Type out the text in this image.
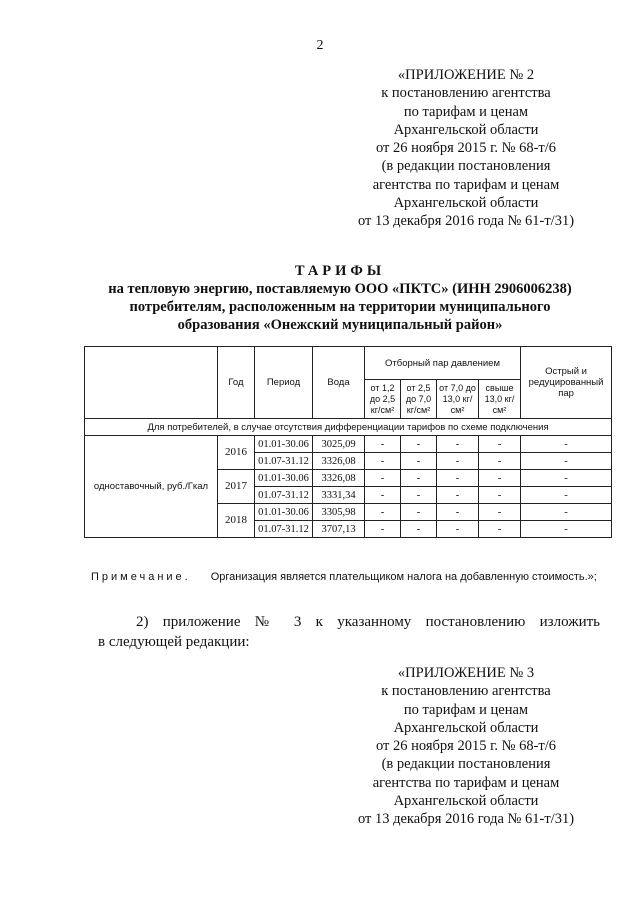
2
«ПРИЛОЖЕНИЕ № 2
к постановлению агентства
по тарифам и ценам
Архангельской области
от 26 ноября 2015 г. № 68-т/6
(в редакции постановления
агентства по тарифам и ценам
Архангельской области
от 13 декабря 2016 года № 61-т/31)
ТАРИФЫ
на тепловую энергию, поставляемую ООО «ПКТС» (ИНН 2906006238)
потребителям, расположенным на территории муниципального
образования «Онежский муниципальный район»
	Год	Период	Вода	Отборный пар давлением				Острый и редуцированный пар
				от 1,2 до 2,5 кг/см²	от 2,5 до 7,0 кг/см²	от 7,0 до 13,0 кг/см²	свыше 13,0 кг/см²	
Для потребителей, в случае отсутствия дифференциации тарифов по схеме подключения								
одноставочный, руб./Гкал	2016	01.01-30.06	3025,09	-	-	-	-	-
		01.07-31.12	3326,08	-	-	-	-	-
	2017	01.01-30.06	3326,08	-	-	-	-	-
		01.07-31.12	3331,34	-	-	-	-	-
	2018	01.01-30.06	3305,98	-	-	-	-	-
		01.07-31.12	3707,13	-	-	-	-	-
Примечание. Организация является плательщиком налога на добавленную стоимость.»;
2) приложение № 3 к указанному постановлению изложить
в следующей редакции:
«ПРИЛОЖЕНИЕ № 3
к постановлению агентства
по тарифам и ценам
Архангельской области
от 26 ноября 2015 г. № 68-т/6
(в редакции постановления
агентства по тарифам и ценам
Архангельской области
от 13 декабря 2016 года № 61-т/31)
